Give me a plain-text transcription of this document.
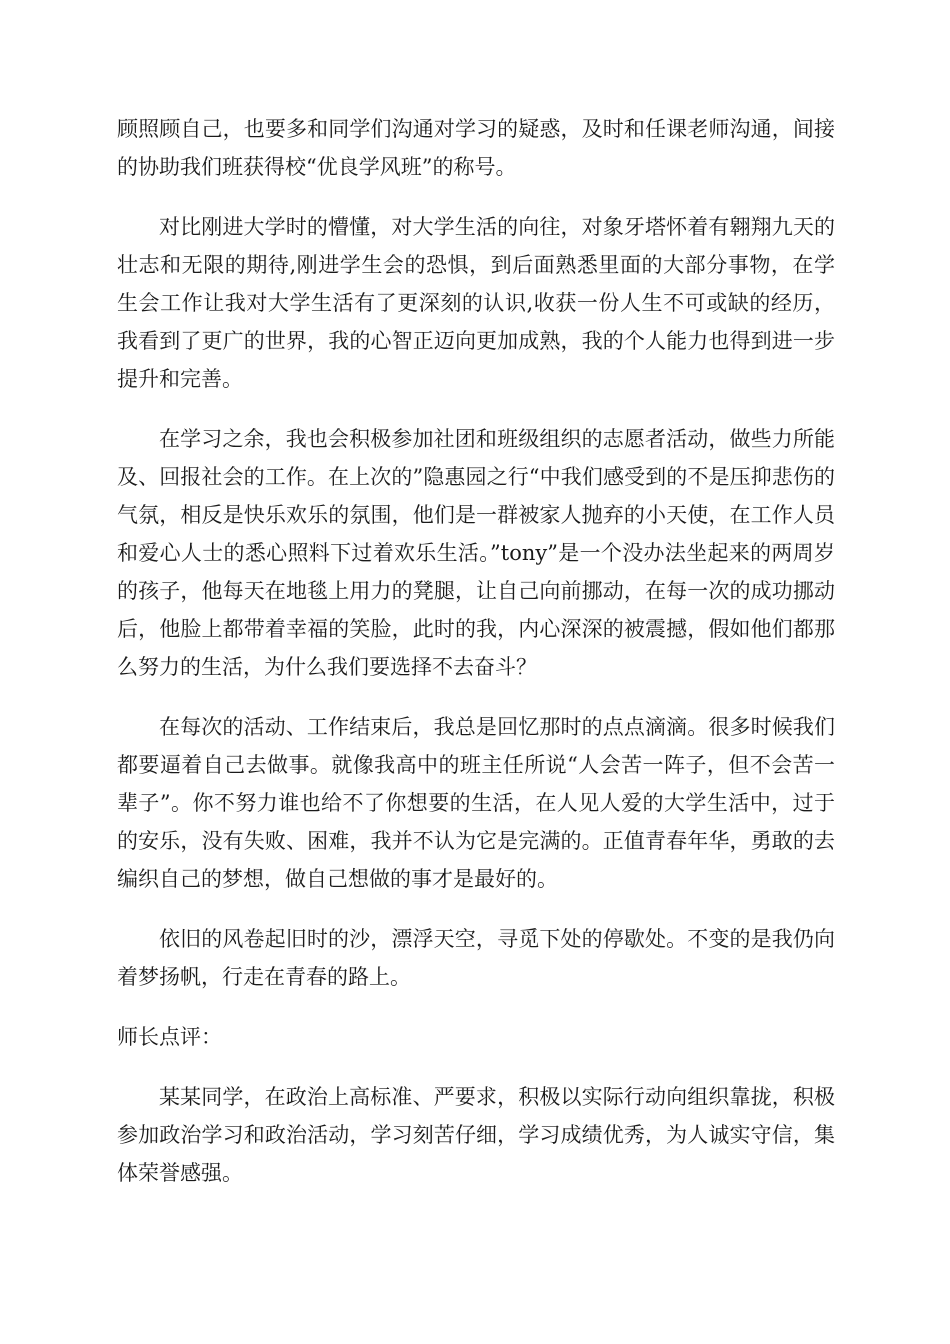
顾照顾自己，也要多和同学们沟通对学习的疑惑，及时和任课老师沟通，间接的协助我们班获得校“优良学风班”的称号。

对比刚进大学时的懵懂，对大学生活的向往，对象牙塔怀着有翱翔九天的壮志和无限的期待,刚进学生会的恐惧，到后面熟悉里面的大部分事物，在学生会工作让我对大学生活有了更深刻的认识,收获一份人生不可或缺的经历，我看到了更广的世界，我的心智正迈向更加成熟，我的个人能力也得到进一步提升和完善。

在学习之余，我也会积极参加社团和班级组织的志愿者活动，做些力所能及、回报社会的工作。在上次的”隐惠园之行“中我们感受到的不是压抑悲伤的气氛，相反是快乐欢乐的氛围，他们是一群被家人抛弃的小天使，在工作人员和爱心人士的悉心照料下过着欢乐生活。”tony”是一个没办法坐起来的两周岁的孩子，他每天在地毯上用力的凳腿，让自己向前挪动，在每一次的成功挪动后，他脸上都带着幸福的笑脸，此时的我，内心深深的被震撼，假如他们都那么努力的生活，为什么我们要选择不去奋斗？

在每次的活动、工作结束后，我总是回忆那时的点点滴滴。很多时候我们都要逼着自己去做事。就像我高中的班主任所说“人会苦一阵子，但不会苦一辈子”。你不努力谁也给不了你想要的生活，在人见人爱的大学生活中，过于的安乐，没有失败、困难，我并不认为它是完满的。正值青春年华，勇敢的去编织自己的梦想，做自己想做的事才是最好的。

依旧的风卷起旧时的沙，漂浮天空，寻觅下处的停歇处。不变的是我仍向着梦扬帆，行走在青春的路上。

师长点评：

某某同学，在政治上高标准、严要求，积极以实际行动向组织靠拢，积极参加政治学习和政治活动，学习刻苦仔细，学习成绩优秀，为人诚实守信，集体荣誉感强。
